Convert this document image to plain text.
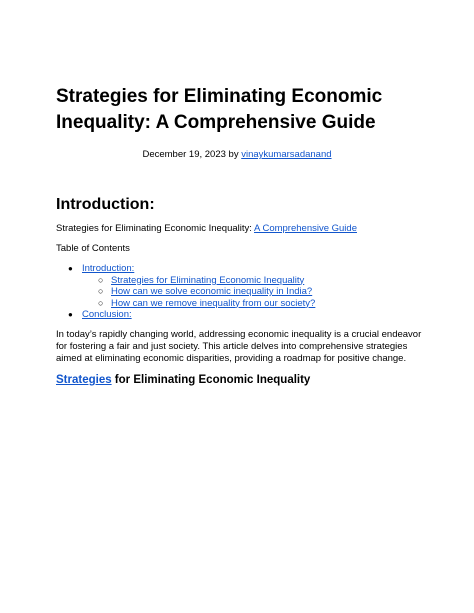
Strategies for Eliminating Economic Inequality: A Comprehensive Guide
December 19, 2023 by vinaykumarsadanand
Introduction:

Strategies for Eliminating Economic Inequality: A Comprehensive Guide

Table of Contents

● Introduction:
○ Strategies for Eliminating Economic Inequality
○ How can we solve economic inequality in India?
○ How can we remove inequality from our society?
● Conclusion:

In today’s rapidly changing world, addressing economic inequality is a crucial endeavor for fostering a fair and just society. This article delves into comprehensive strategies aimed at eliminating economic disparities, providing a roadmap for positive change.

Strategies for Eliminating Economic Inequality
